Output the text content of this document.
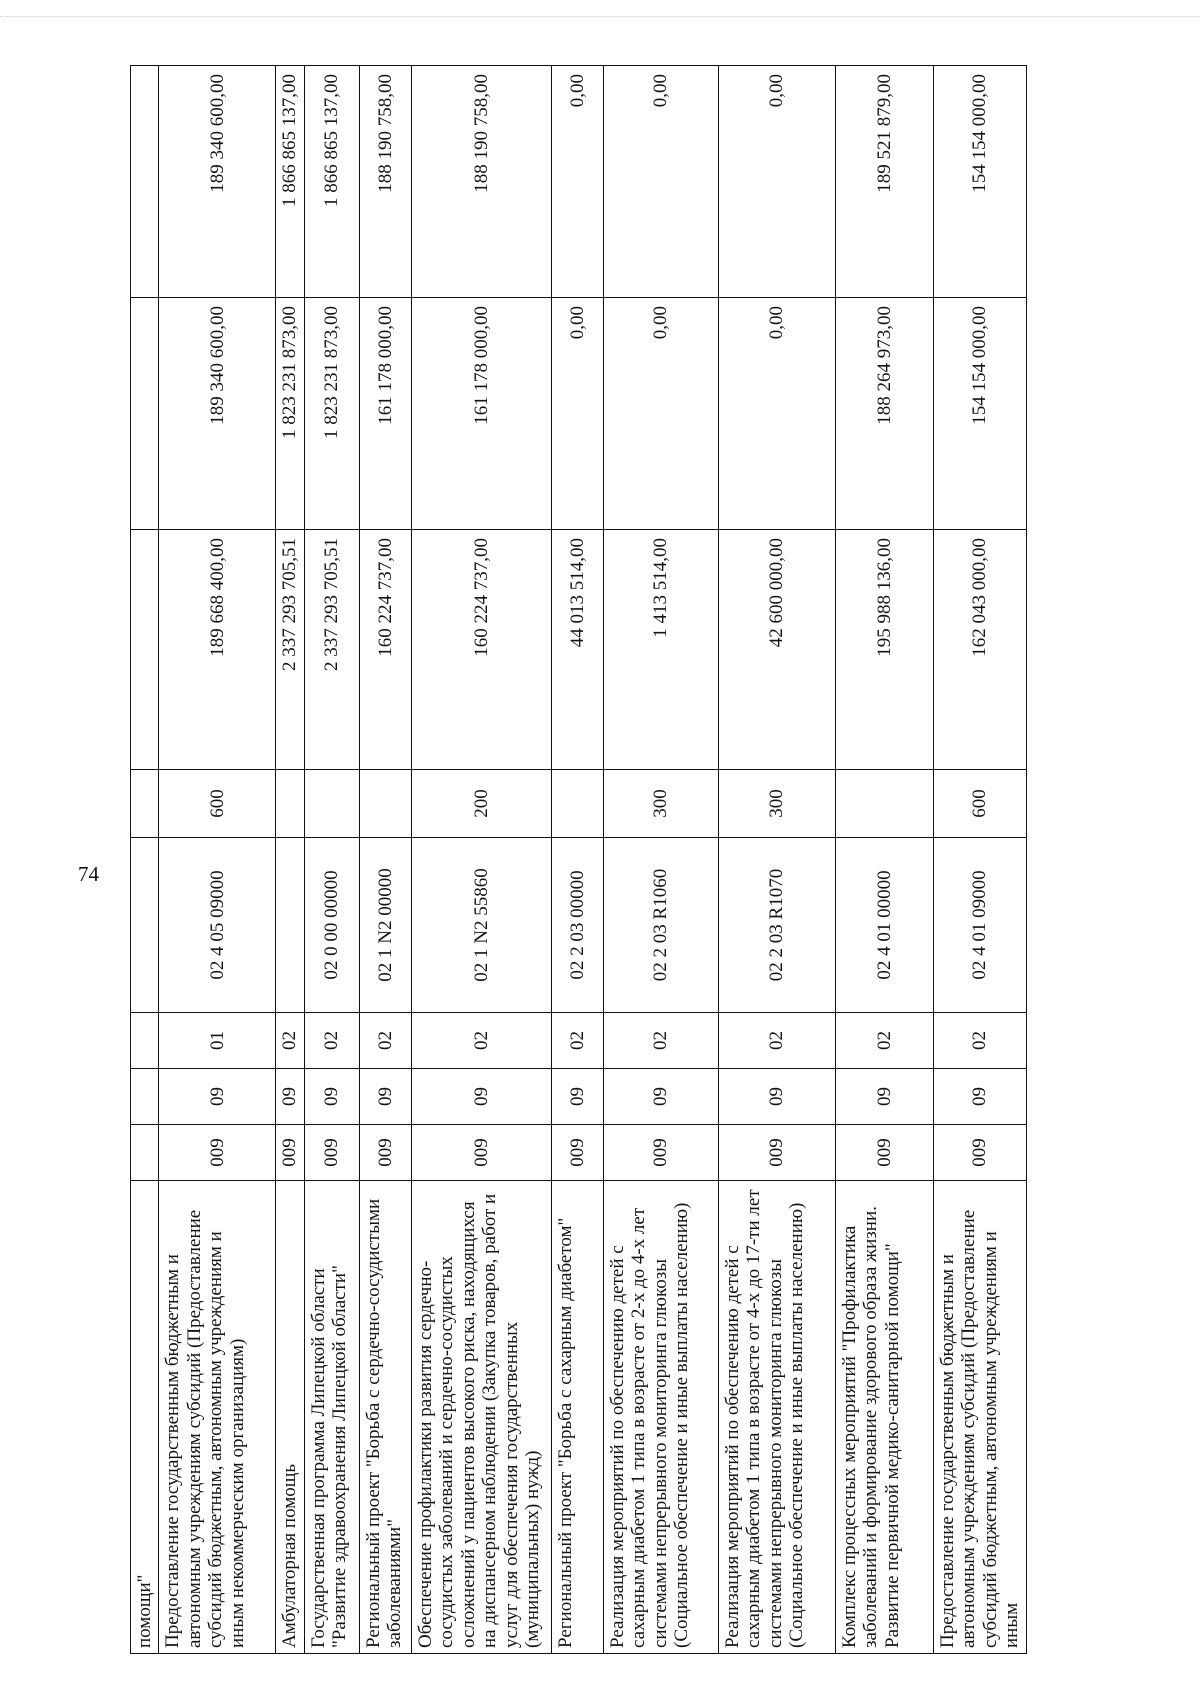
74
помощи"								
Предоставление государственным бюджетным и автономным учреждениям субсидий (Предоставление субсидий бюджетным, автономным учреждениям и иным некоммерческим организациям)	009	09	01	02 4 05 09000	600	189 668 400,00	189 340 600,00	189 340 600,00
Амбулаторная помощь	009	09	02			2 337 293 705,51	1 823 231 873,00	1 866 865 137,00
Государственная программа Липецкой области "Развитие здравоохранения Липецкой области"	009	09	02	02 0 00 00000		2 337 293 705,51	1 823 231 873,00	1 866 865 137,00
Региональный проект "Борьба с сердечно-сосудистыми заболеваниями"	009	09	02	02 1 N2 00000		160 224 737,00	161 178 000,00	188 190 758,00
Обеспечение профилактики развития сердечно-сосудистых заболеваний и сердечно-сосудистых осложнений у пациентов высокого риска, находящихся на диспансерном наблюдении (Закупка товаров, работ и услуг для обеспечения государственных (муниципальных) нужд)	009	09	02	02 1 N2 55860	200	160 224 737,00	161 178 000,00	188 190 758,00
Региональный проект "Борьба с сахарным диабетом"	009	09	02	02 2 03 00000		44 013 514,00	0,00	0,00
Реализация мероприятий по обеспечению детей с сахарным диабетом 1 типа в возрасте от 2-х до 4-х лет системами непрерывного мониторинга глюкозы (Социальное обеспечение и иные выплаты населению)	009	09	02	02 2 03 R1060	300	1 413 514,00	0,00	0,00
Реализация мероприятий по обеспечению детей с сахарным диабетом 1 типа в возрасте от 4-х до 17-ти лет системами непрерывного мониторинга глюкозы (Социальное обеспечение и иные выплаты населению)	009	09	02	02 2 03 R1070	300	42 600 000,00	0,00	0,00
Комплекс процессных мероприятий "Профилактика заболеваний и формирование здорового образа жизни. Развитие первичной медико-санитарной помощи"	009	09	02	02 4 01 00000		195 988 136,00	188 264 973,00	189 521 879,00
Предоставление государственным бюджетным и автономным учреждениям субсидий (Предоставление субсидий бюджетным, автономным учреждениям и иным	009	09	02	02 4 01 09000	600	162 043 000,00	154 154 000,00	154 154 000,00
